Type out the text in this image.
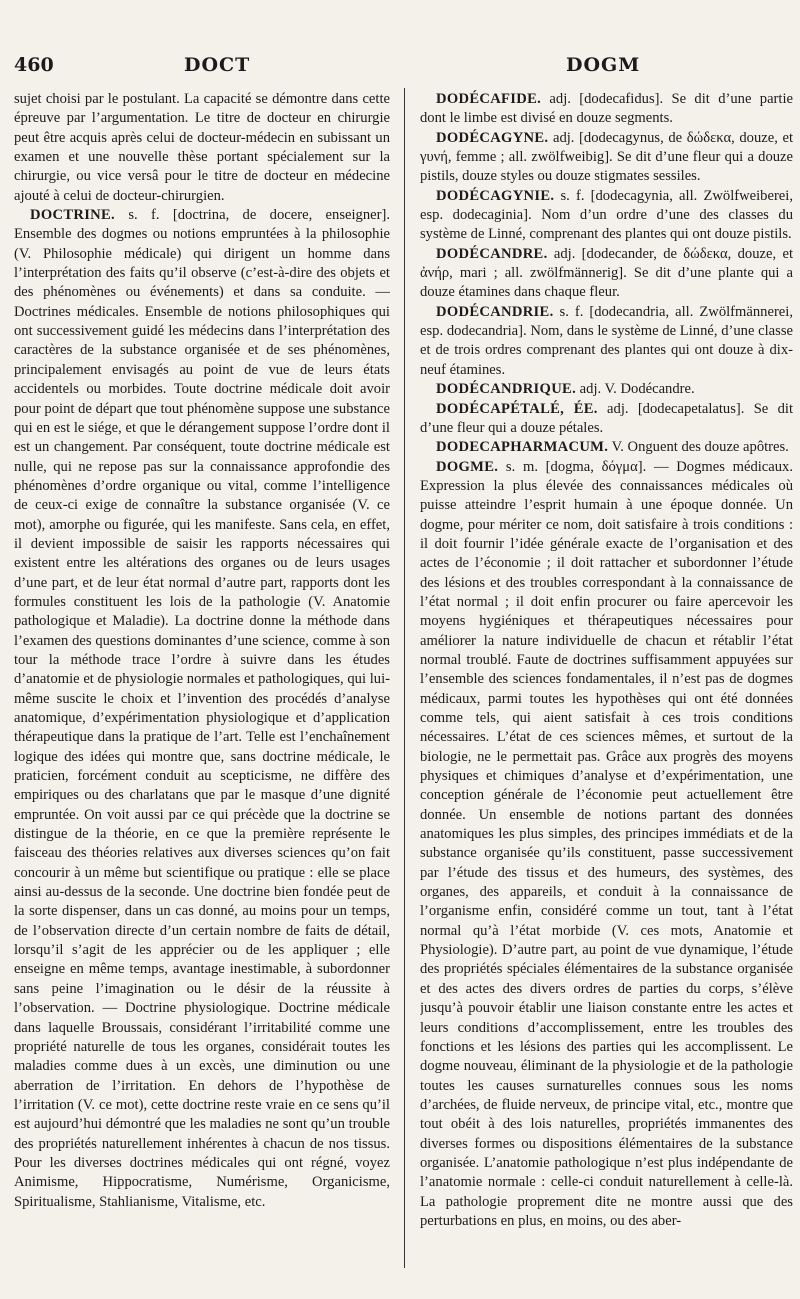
460	DOCT	DOGM

sujet choisi par le postulant. La capacité se démontre dans cette épreuve par l’argumentation. Le titre de docteur en chirurgie peut être acquis après celui de docteur-médecin en subissant un examen et une nouvelle thèse portant spécialement sur la chirurgie, ou vice versâ pour le titre de docteur en médecine ajouté à celui de docteur-chirurgien.

DOCTRINE. s. f. [doctrina, de docere, enseigner]. Ensemble des dogmes ou notions empruntées à la philosophie (V. Philosophie médicale) qui dirigent un homme dans l’interprétation des faits qu’il observe (c’est-à-dire des objets et des phénomènes ou événements) et dans sa conduite. — Doctrines médicales. Ensemble de notions philosophiques qui ont successivement guidé les médecins dans l’interprétation des caractères de la substance organisée et de ses phénomènes, principalement envisagés au point de vue de leurs états accidentels ou morbides. Toute doctrine médicale doit avoir pour point de départ que tout phénomène suppose une substance qui en est le siége, et que le dérangement suppose l’ordre dont il est un changement. Par conséquent, toute doctrine médicale est nulle, qui ne repose pas sur la connaissance approfondie des phénomènes d’ordre organique ou vital, comme l’intelligence de ceux-ci exige de connaître la substance organisée (V. ce mot), amorphe ou figurée, qui les manifeste. Sans cela, en effet, il devient impossible de saisir les rapports nécessaires qui existent entre les altérations des organes ou de leurs usages d’une part, et de leur état normal d’autre part, rapports dont les formules constituent les lois de la pathologie (V. Anatomie pathologique et Maladie). La doctrine donne la méthode dans l’examen des questions dominantes d’une science, comme à son tour la méthode trace l’ordre à suivre dans les études d’anatomie et de physiologie normales et pathologiques, qui lui-même suscite le choix et l’invention des procédés d’analyse anatomique, d’expérimentation physiologique et d’application thérapeutique dans la pratique de l’art. Telle est l’enchaînement logique des idées qui montre que, sans doctrine médicale, le praticien, forcément conduit au scepticisme, ne diffère des empiriques ou des charlatans que par le masque d’une dignité empruntée. On voit aussi par ce qui précède que la doctrine se distingue de la théorie, en ce que la première représente le faisceau des théories relatives aux diverses sciences qu’on fait concourir à un même but scientifique ou pratique : elle se place ainsi au-dessus de la seconde. Une doctrine bien fondée peut de la sorte dispenser, dans un cas donné, au moins pour un temps, de l’observation directe d’un certain nombre de faits de détail, lorsqu’il s’agit de les apprécier ou de les appliquer ; elle enseigne en même temps, avantage inestimable, à subordonner sans peine l’imagination ou le désir de la réussite à l’observation. — Doctrine physiologique. Doctrine médicale dans laquelle Broussais, considérant l’irritabilité comme une propriété naturelle de tous les organes, considérait toutes les maladies comme dues à un excès, une diminution ou une aberration de l’irritation. En dehors de l’hypothèse de l’irritation (V. ce mot), cette doctrine reste vraie en ce sens qu’il est aujourd’hui démontré que les maladies ne sont qu’un trouble des propriétés naturellement inhérentes à chacun de nos tissus. Pour les diverses doctrines médicales qui ont régné, voyez Animisme, Hippocratisme, Numérisme, Organicisme, Spiritualisme, Stahlianisme, Vitalisme, etc.

DODÉCAFIDE. adj. [dodecafidus]. Se dit d’une partie dont le limbe est divisé en douze segments.

DODÉCAGYNE. adj. [dodecagynus, de δώδεκα, douze, et γυνή, femme ; all. zwölfweibig]. Se dit d’une fleur qui a douze pistils, douze styles ou douze stigmates sessiles.

DODÉCAGYNIE. s. f. [dodecagynia, all. Zwölfweiberei, esp. dodecaginia]. Nom d’un ordre d’une des classes du système de Linné, comprenant des plantes qui ont douze pistils.

DODÉCANDRE. adj. [dodecander, de δώδεκα, douze, et ἀνήρ, mari ; all. zwölfmännerig]. Se dit d’une plante qui a douze étamines dans chaque fleur.

DODÉCANDRIE. s. f. [dodecandria, all. Zwölfmännerei, esp. dodecandria]. Nom, dans le système de Linné, d’une classe et de trois ordres comprenant des plantes qui ont douze à dix-neuf étamines.

DODÉCANDRIQUE. adj. V. Dodécandre.

DODÉCAPÉTALÉ, ÉE. adj. [dodecapetalatus]. Se dit d’une fleur qui a douze pétales.

DODECAPHARMACUM. V. Onguent des douze apôtres.

DOGME. s. m. [dogma, δόγμα]. — Dogmes médicaux. Expression la plus élevée des connaissances médicales où puisse atteindre l’esprit humain à une époque donnée. Un dogme, pour mériter ce nom, doit satisfaire à trois conditions : il doit fournir l’idée générale exacte de l’organisation et des actes de l’économie ; il doit rattacher et subordonner l’étude des lésions et des troubles correspondant à la connaissance de l’état normal ; il doit enfin procurer ou faire apercevoir les moyens hygiéniques et thérapeutiques nécessaires pour améliorer la nature individuelle de chacun et rétablir l’état normal troublé. Faute de doctrines suffisamment appuyées sur l’ensemble des sciences fondamentales, il n’est pas de dogmes médicaux, parmi toutes les hypothèses qui ont été données comme tels, qui aient satisfait à ces trois conditions nécessaires. L’état de ces sciences mêmes, et surtout de la biologie, ne le permettait pas. Grâce aux progrès des moyens physiques et chimiques d’analyse et d’expérimentation, une conception générale de l’économie peut actuellement être donnée. Un ensemble de notions partant des données anatomiques les plus simples, des principes immédiats et de la substance organisée qu’ils constituent, passe successivement par l’étude des tissus et des humeurs, des systèmes, des organes, des appareils, et conduit à la connaissance de l’organisme enfin, considéré comme un tout, tant à l’état normal qu’à l’état morbide (V. ces mots, Anatomie et Physiologie). D’autre part, au point de vue dynamique, l’étude des propriétés spéciales élémentaires de la substance organisée et des actes des divers ordres de parties du corps, s’élève jusqu’à pouvoir établir une liaison constante entre les actes et leurs conditions d’accomplissement, entre les troubles des fonctions et les lésions des parties qui les accomplissent. Le dogme nouveau, éliminant de la physiologie et de la pathologie toutes les causes surnaturelles connues sous les noms d’archées, de fluide nerveux, de principe vital, etc., montre que tout obéit à des lois naturelles, propriétés immanentes des diverses formes ou dispositions élémentaires de la substance organisée. L’anatomie pathologique n’est plus indépendante de l’anatomie normale : celle-ci conduit naturellement à celle-là. La pathologie proprement dite ne montre aussi que des perturbations en plus, en moins, ou des aber-
